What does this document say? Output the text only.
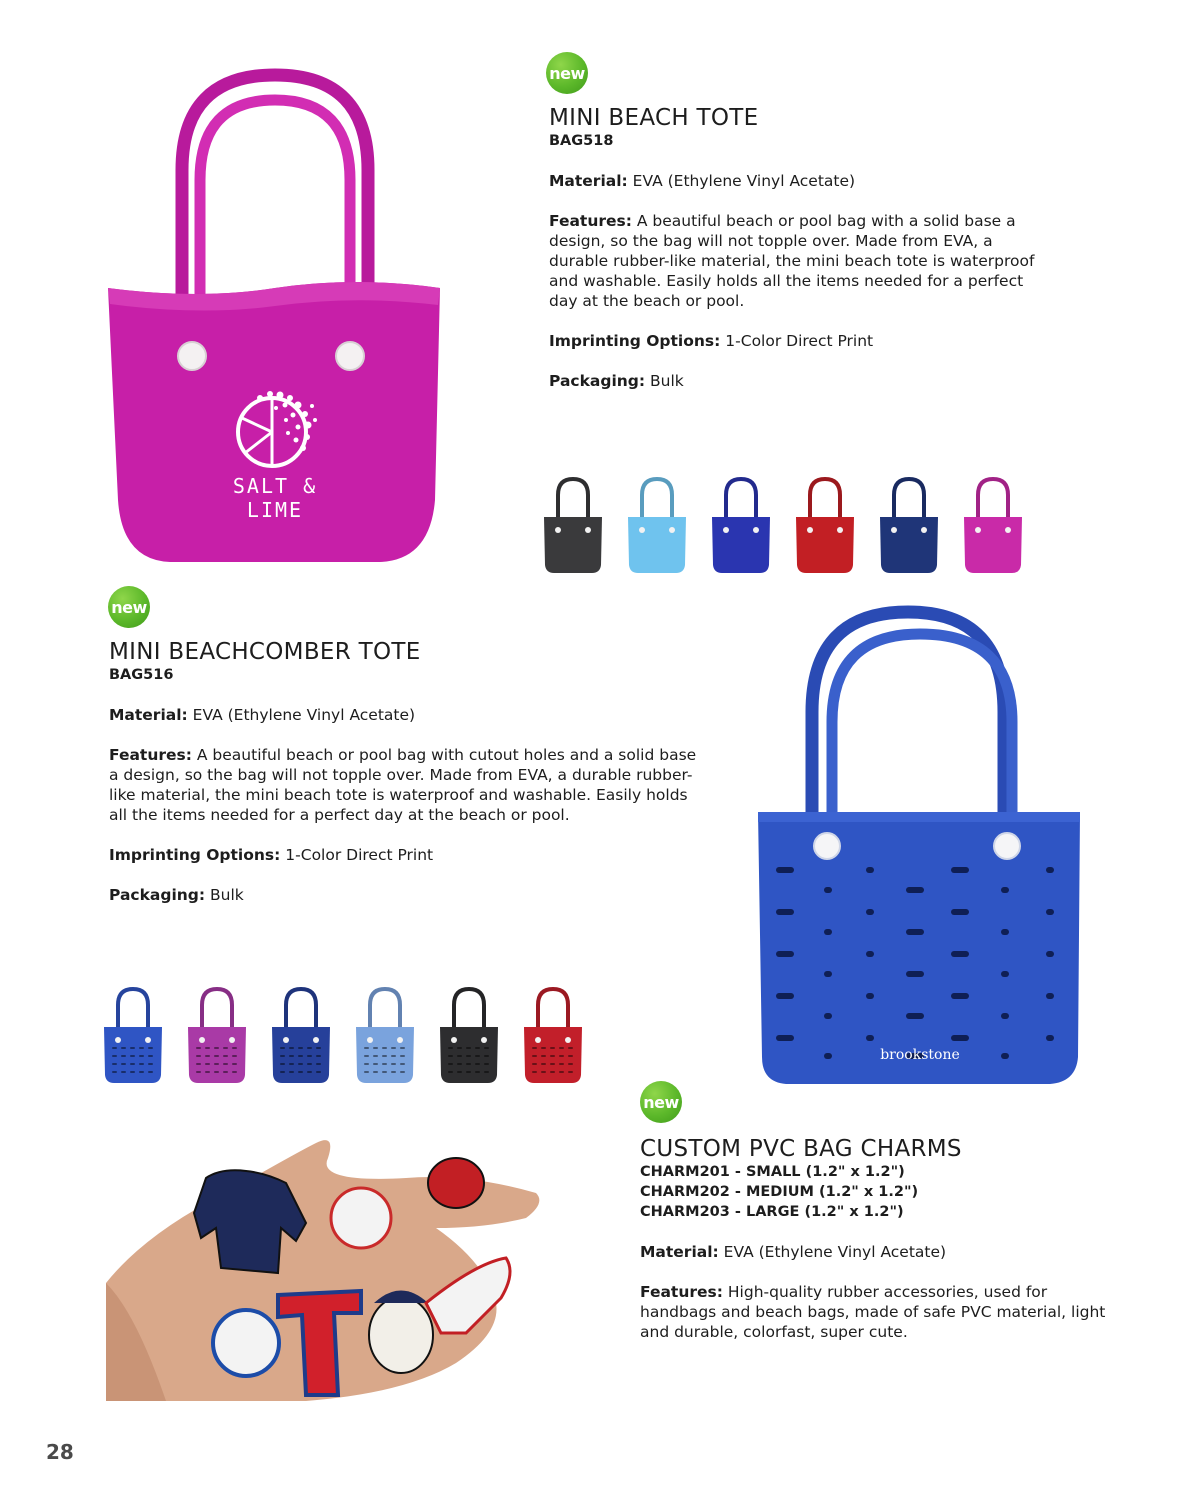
SALT & LIME
new
MINI BEACH TOTE
BAG518

Material: EVA (Ethylene Vinyl Acetate)

Features: A beautiful beach or pool bag with a solid base a design, so the bag will not topple over. Made from EVA, a durable rubber-like material, the mini beach tote is waterproof and washable. Easily holds all the items needed for a perfect day at the beach or pool.

Imprinting Options: 1-Color Direct Print

Packaging: Bulk

new
MINI BEACHCOMBER TOTE
BAG516

Material: EVA (Ethylene Vinyl Acetate)

Features: A beautiful beach or pool bag with cutout holes and a solid base a design, so the bag will not topple over. Made from EVA, a durable rubber-like material, the mini beach tote is waterproof and washable. Easily holds all the items needed for a perfect day at the beach or pool.

Imprinting Options: 1-Color Direct Print

Packaging: Bulk

brookstone
new
CUSTOM PVC BAG CHARMS
CHARM201 - SMALL (1.2" x 1.2")
CHARM202 - MEDIUM (1.2" x 1.2")
CHARM203 - LARGE (1.2" x 1.2")

Material: EVA (Ethylene Vinyl Acetate)

Features: High-quality rubber accessories, used for handbags and beach bags, made of safe PVC material, light and durable, colorfast, super cute.

28
